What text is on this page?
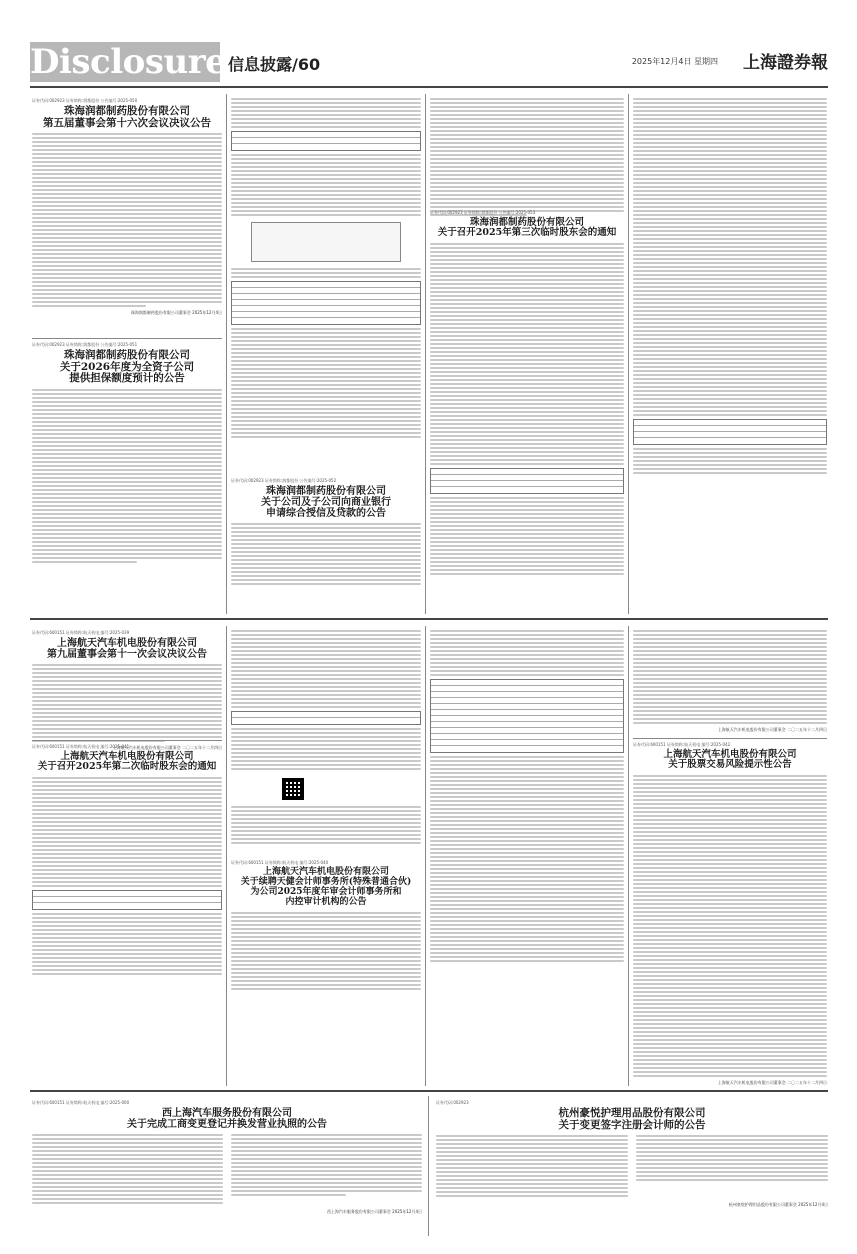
Disclosure 信息披露/60	2025年12月4日 星期四 上海證券報
证券代码:002923 证券简称:润都股份 公告编号:2025-050
珠海润都制药股份有限公司
第五届董事会第十六次会议决议公告
珠海润都制药股份有限公司董事会 2025年12月4日
证券代码:002923 证券简称:润都股份 公告编号:2025-051
珠海润都制药股份有限公司
关于2026年度为全资子公司
提供担保额度预计的公告
证券代码:002923 证券简称:润都股份 公告编号:2025-052
珠海润都制药股份有限公司
关于公司及子公司向商业银行
申请综合授信及贷款的公告
证券代码:002923 证券简称:润都股份 公告编号:2025-053
珠海润都制药股份有限公司
关于召开2025年第三次临时股东会的通知
证券代码:600151 证券简称:航天机电 编号:2025-039
上海航天汽车机电股份有限公司
第九届董事会第十一次会议决议公告
上海航天汽车机电股份有限公司董事会 二〇二五年十二月四日
证券代码:600151 证券简称:航天机电 编号:2025-041
上海航天汽车机电股份有限公司
关于召开2025年第二次临时股东会的通知
证券代码:600151 证券简称:航天机电 编号:2025-040
上海航天汽车机电股份有限公司
关于续聘天健会计师事务所(特殊普通合伙)
为公司2025年度年审会计师事务所和
内控审计机构的公告
上海航天汽车机电股份有限公司董事会 二〇二五年十二月四日
证券代码:600151 证券简称:航天机电 编号:2025-042
上海航天汽车机电股份有限公司
关于股票交易风险提示性公告
上海航天汽车机电股份有限公司董事会 二〇二五年十二月四日
证券代码:600151 证券简称:航天机电 编号:2025-000
西上海汽车服务股份有限公司
关于完成工商变更登记并换发营业执照的公告
西上海汽车服务股份有限公司董事会 2025年12月4日
证券代码:002923
杭州豪悦护理用品股份有限公司
关于变更签字注册会计师的公告
杭州豪悦护理用品股份有限公司董事会 2025年12月4日
